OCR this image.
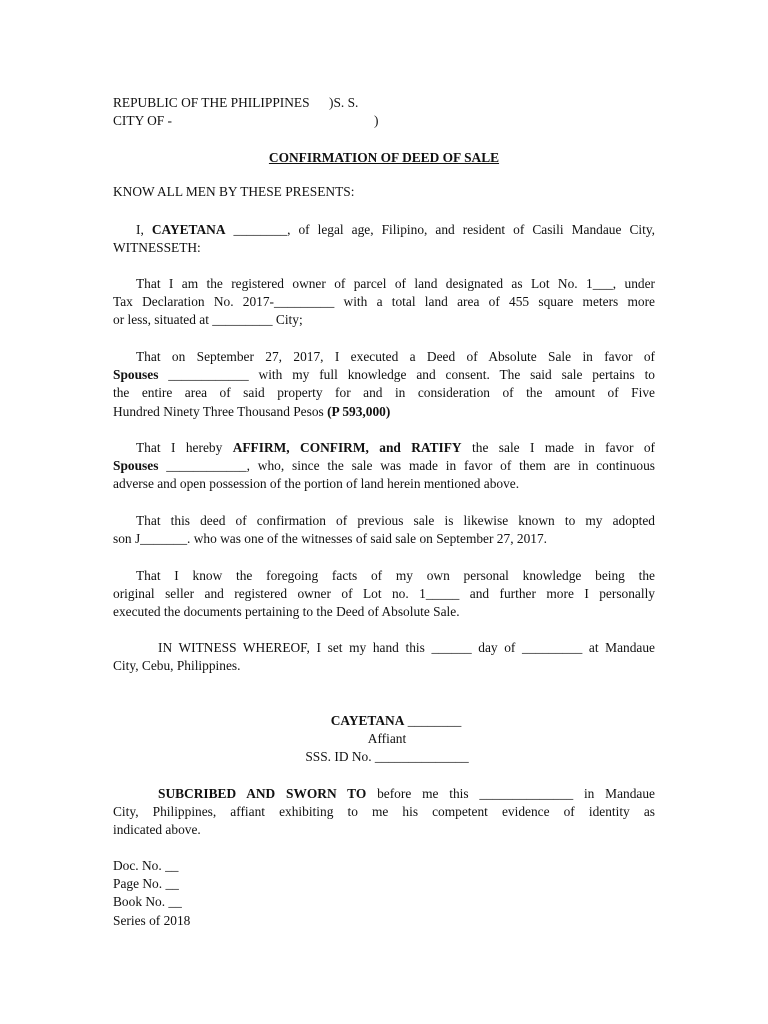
REPUBLIC OF THE PHILIPPINES )S. S.
CITY OF -	)
CONFIRMATION OF DEED OF SALE
KNOW ALL MEN BY THESE PRESENTS:
I, CAYETANA ________, of legal age, Filipino, and resident of Casili Mandaue City,
WITNESSETH:
That I am the registered owner of parcel of land designated as Lot No. 1___, under
Tax Declaration No. 2017-_________ with a total land area of 455 square meters more
or less, situated at _________ City;
That on September 27, 2017, I executed a Deed of Absolute Sale in favor of
Spouses ____________ with my full knowledge and consent. The said sale pertains to
the entire area of said property for and in consideration of the amount of Five
Hundred Ninety Three Thousand Pesos (P 593,000)
That I hereby AFFIRM, CONFIRM, and RATIFY the sale I made in favor of
Spouses ____________, who, since the sale was made in favor of them are in continuous
adverse and open possession of the portion of land herein mentioned above.
That this deed of confirmation of previous sale is likewise known to my adopted
son J_______. who was one of the witnesses of said sale on September 27, 2017.
That I know the foregoing facts of my own personal knowledge being the
original seller and registered owner of Lot no. 1_____ and further more I personally
executed the documents pertaining to the Deed of Absolute Sale.
IN WITNESS WHEREOF, I set my hand this ______ day of _________ at Mandaue
City, Cebu, Philippines.
CAYETANA ________
Affiant
SSS. ID No. ______________
SUBCRIBED AND SWORN TO before me this ______________ in Mandaue
City, Philippines, affiant exhibiting to me his competent evidence of identity as
indicated above.
Doc. No. __
Page No. __
Book No. __
Series of 2018
